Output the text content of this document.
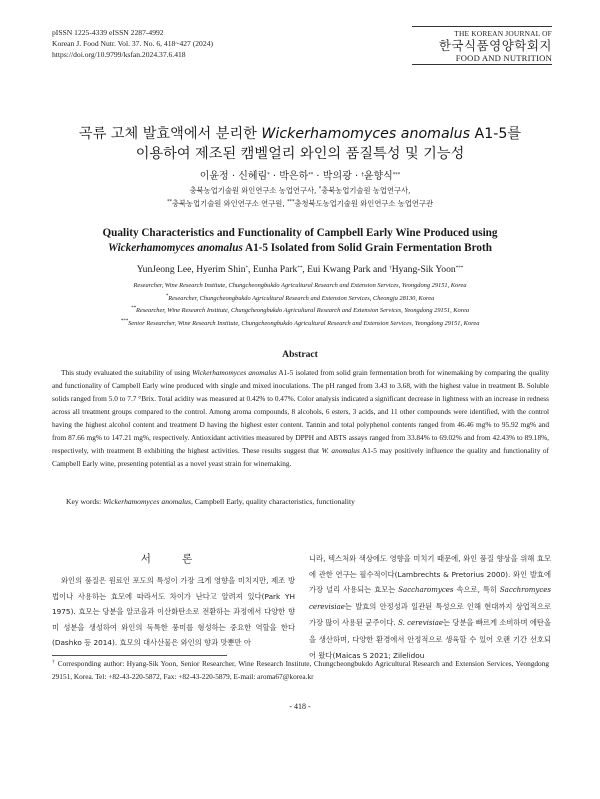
pISSN 1225-4339 eISSN 2287-4992
Korean J. Food Nutr. Vol. 37. No. 6, 418~427 (2024)
https://doi.org/10.9799/ksfan.2024.37.6.418
THE KOREAN JOURNAL OF
한국식품영양학회지
FOOD AND NUTRITION
곡류 고체 발효액에서 분리한 Wickerhamomyces anomalus A1-5를
이용하여 제조된 캠벨얼리 와인의 품질특성 및 기능성
이윤정 · 신혜림* · 박은하** · 박의광 · †윤향식***
충북농업기술원 와인연구소 농업연구사, *충북농업기술원 농업연구사,
**충북농업기술원 와인연구소 연구원, ***충청북도농업기술원 와인연구소 농업연구관
Quality Characteristics and Functionality of Campbell Early Wine Produced using
Wickerhamomyces anomalus A1-5 Isolated from Solid Grain Fermentation Broth
YunJeong Lee, Hyerim Shin*, Eunha Park**, Eui Kwang Park and †Hyang-Sik Yoon***
Researcher, Wine Research Institute, Chungcheongbukdo Agricultural Research and Extension Services, Yeongdong 29151, Korea
*Researcher, Chungcheongbukdo Agricultural Research and Extension Services, Cheongju 28130, Korea
**Researcher, Wine Research Institute, Chungcheongbukdo Agricultural Research and Extension Services, Yeongdong 29151, Korea
***Senior Researcher, Wine Research Institute, Chungcheongbukdo Agricultural Research and Extension Services, Yeongdong 29151, Korea
Abstract
This study evaluated the suitability of using Wickerhamomyces anomalus A1-5 isolated from solid grain fermentation broth for winemaking by comparing the quality and functionality of Campbell Early wine produced with single and mixed inoculations. The pH ranged from 3.43 to 3.68, with the highest value in treatment B. Soluble solids ranged from 5.0 to 7.7 °Brix. Total acidity was measured at 0.42% to 0.47%. Color analysis indicated a significant decrease in lightness with an increase in redness across all treatment groups compared to the control. Among aroma compounds, 8 alcohols, 6 esters, 3 acids, and 11 other compounds were identified, with the control having the highest alcohol content and treatment D having the highest ester content. Tannin and total polyphenol contents ranged from 46.46 mg% to 95.92 mg% and from 87.66 mg% to 147.21 mg%, respectively. Antioxidant activities measured by DPPH and ABTS assays ranged from 33.84% to 69.02% and from 42.43% to 89.18%, respectively, with treatment B exhibiting the highest activities. These results suggest that W. anomalus A1-5 may positively influence the quality and functionality of Campbell Early wine, presenting potential as a novel yeast strain for winemaking.
Key words: Wickerhamomyces anomalus, Campbell Early, quality characteristics, functionality
서 론
와인의 품질은 원료인 포도의 특성이 가장 크게 영향을 미치지만, 제조 방법이나 사용하는 효모에 따라서도 차이가 난다고 알려져 있다(Park YH 1975). 효모는 당분을 알코올과 이산화탄소로 전환하는 과정에서 다양한 향미 성분을 생성하여 와인의 독특한 풍미를 형성하는 중요한 역할을 한다(Dashko 등 2014). 효모의 대사산물은 와인의 향과 맛뿐만 아
니라, 텍스처와 색상에도 영향을 미치기 때문에, 와인 품질 향상을 위해 효모에 관한 연구는 필수적이다(Lambrechts & Pretorius 2000). 와인 발효에 가장 널리 사용되는 효모는 Saccharomyces 속으로, 특히 Sacchromyces cerevisiae는 발효의 안정성과 일관된 특성으로 인해 현대까지 상업적으로 가장 많이 사용된 균주이다. S. cerevisiae는 당분을 빠르게 소비하며 에탄올을 생산하며, 다양한 환경에서 안정적으로 생육할 수 있어 오랜 기간 선호되어 왔다(Maicas S 2021; Zilelidou
† Corresponding author: Hyang-Sik Yoon, Senior Researcher, Wine Research Institute, Chungcheongbukdo Agricultural Research and Extension Services, Yeongdong 29151, Korea. Tel: +82-43-220-5872, Fax: +82-43-220-5879, E-mail: aroma67@korea.kr
- 418 -
